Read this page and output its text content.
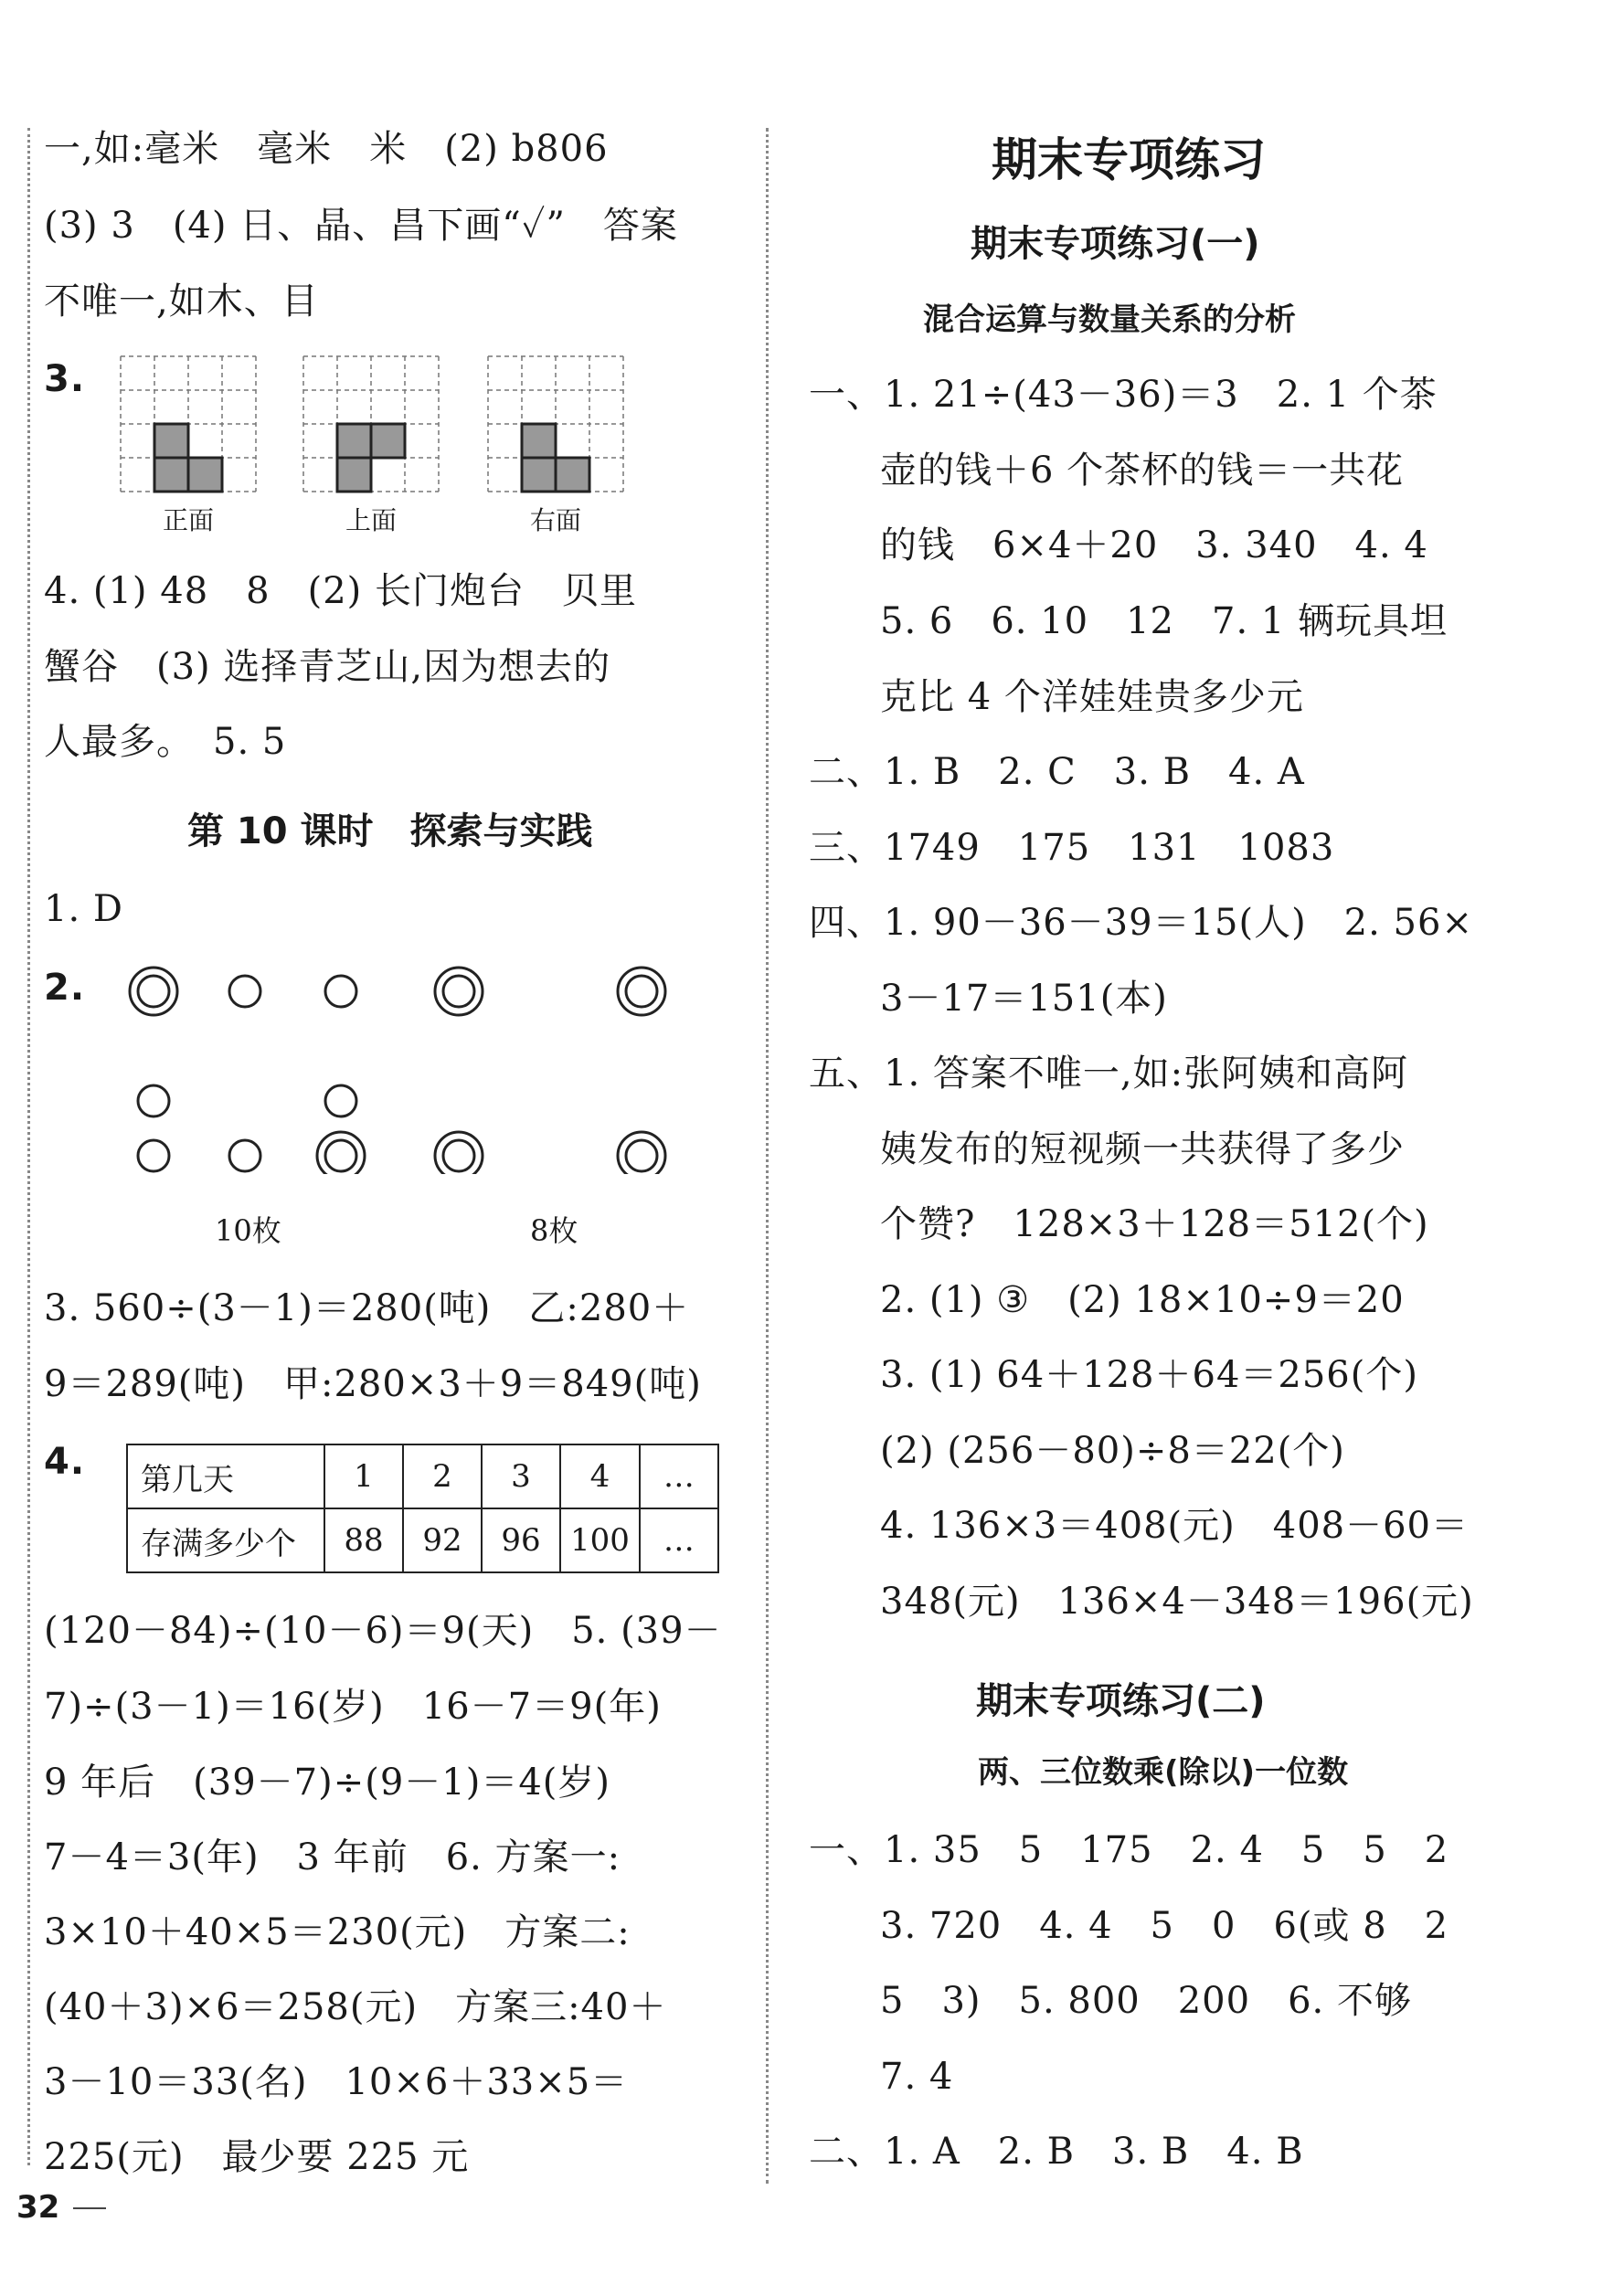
一,如:毫米　毫米　米　(2) b806
(3) 3　(4) 日、晶、昌下画“✓”　答案
不唯一,如木、目
3.
正面	上面	右面
4. (1) 48　8　(2) 长门炮台　贝里
蟹谷　(3) 选择青芝山,因为想去的
人最多。　5. 5
第 10 课时　探索与实践
1. D
2.
10枚	8枚
3. 560÷(3－1)＝280(吨)　乙:280＋
9＝289(吨)　甲:280×3＋9＝849(吨)
4. 第几天	1	2	3	4	…
存满多少个	88	92	96	100	…
(120－84)÷(10－6)＝9(天)　5. (39－
7)÷(3－1)＝16(岁)　16－7＝9(年)
9 年后　(39－7)÷(9－1)＝4(岁)
7－4＝3(年)　3 年前　6. 方案一:
3×10＋40×5＝230(元)　方案二:
(40＋3)×6＝258(元)　方案三:40＋
3－10＝33(名)　10×6＋33×5＝
225(元)　最少要 225 元
期末专项练习
期末专项练习(一)
混合运算与数量关系的分析
一、1. 21÷(43－36)＝3　2. 1 个茶
壶的钱＋6 个茶杯的钱＝一共花
的钱　6×4＋20　3. 340　4. 4
5. 6　6. 10　12　7. 1 辆玩具坦
克比 4 个洋娃娃贵多少元
二、1. B　2. C　3. B　4. A
三、1749　175　131　1083
四、1. 90－36－39＝15(人)　2. 56×
3－17＝151(本)
五、1. 答案不唯一,如:张阿姨和高阿
姨发布的短视频一共获得了多少
个赞?　128×3＋128＝512(个)
2. (1) ③　(2) 18×10÷9＝20
3. (1) 64＋128＋64＝256(个)
(2) (256－80)÷8＝22(个)
4. 136×3＝408(元)　408－60＝
348(元)　136×4－348＝196(元)
期末专项练习(二)
两、三位数乘(除以)一位数
一、1. 35　5　175　2. 4　5　5　2
3. 720　4. 4　5　0　6(或 8　2
5　3)　5. 800　200　6. 不够
7. 4
二、1. A　2. B　3. B　4. B
32
